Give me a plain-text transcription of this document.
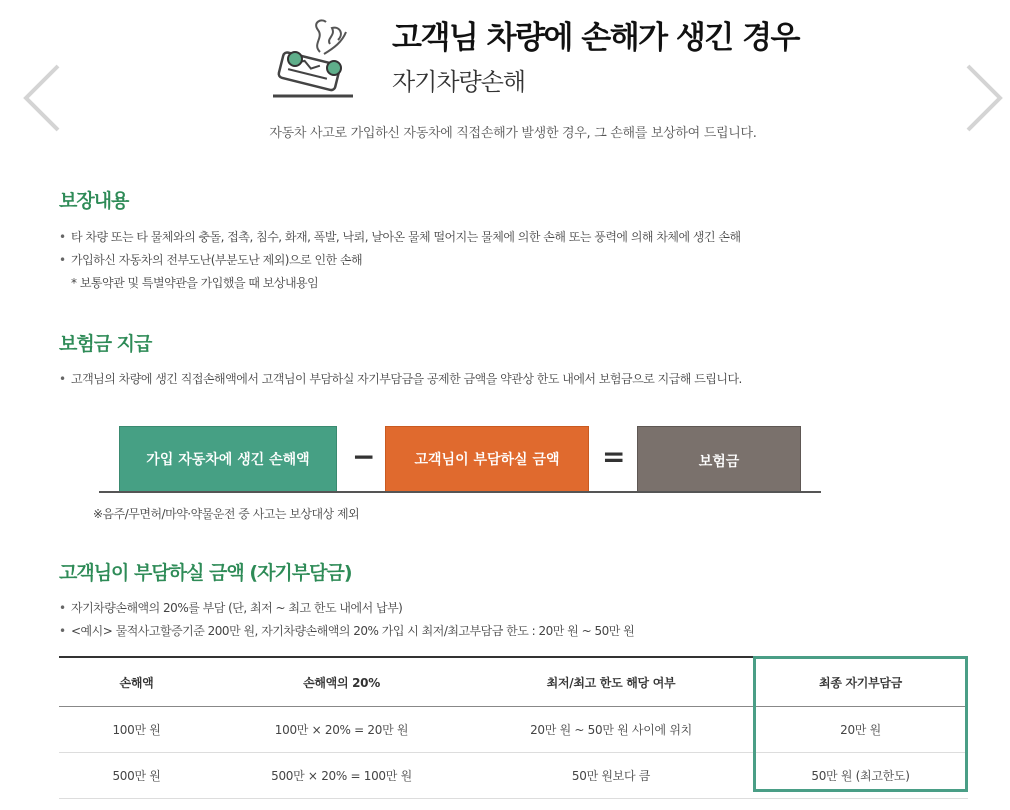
고객님 차량에 손해가 생긴 경우
자기차량손해
자동차 사고로 가입하신 자동차에 직접손해가 발생한 경우, 그 손해를 보상하여 드립니다.
보장내용
• 타 차량 또는 타 물체와의 충돌, 접촉, 침수, 화재, 폭발, 낙뢰, 날아온 물체 떨어지는 물체에 의한 손해 또는 풍력에 의해 차체에 생긴 손해
• 가입하신 자동차의 전부도난(부분도난 제외)으로 인한 손해
* 보통약관 및 특별약관을 가입했을 때 보상내용임
보험금 지급
• 고객님의 차량에 생긴 직접손해액에서 고객님이 부담하실 자기부담금을 공제한 금액을 약관상 한도 내에서 보험금으로 지급해 드립니다.
가입 자동차에 생긴 손해액	−	고객님이 부담하실 금액	=	보험금
※음주/무면허/마약·약물운전 중 사고는 보상대상 제외
고객님이 부담하실 금액 (자기부담금)
• 자기차량손해액의 20%를 부담 (단, 최저 ~ 최고 한도 내에서 납부)
• <예시> 물적사고할증기준 200만 원, 자기차량손해액의 20% 가입 시 최저/최고부담금 한도 : 20만 원 ~ 50만 원
손해액	손해액의 20%	최저/최고 한도 해당 여부	최종 자기부담금
100만 원	100만 × 20% = 20만 원	20만 원 ~ 50만 원 사이에 위치	20만 원
500만 원	500만 × 20% = 100만 원	50만 원보다 큼	50만 원 (최고한도)
